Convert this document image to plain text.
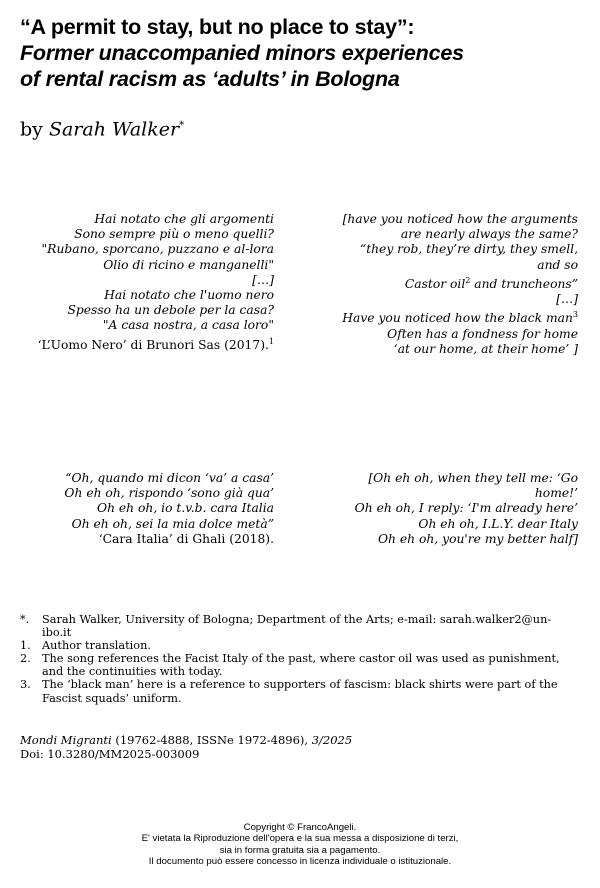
“A permit to stay, but no place to stay”:
Former unaccompanied minors experiences
of rental racism as ‘adults’ in Bologna
by Sarah Walker*
Hai notato che gli argomenti
Sono sempre più o meno quelli?
"Rubano, sporcano, puzzano e al-lora
Olio di ricino e manganelli"
[…]
Hai notato che l'uomo nero
Spesso ha un debole per la casa?
"A casa nostra, a casa loro"
‘L’Uomo Nero’ di Brunori Sas (2017).$^1$
[have you noticed how the arguments
are nearly always the same?
“they rob, they’re dirty, they smell,
and so
Castor oil$^2$ and truncheons”
[…]
Have you noticed how the black man$^3$
Often has a fondness for home
‘at our home, at their home’ ]
“Oh, quando mi dicon ‘va’ a casa’
Oh eh oh, rispondo ‘sono già qua’
Oh eh oh, io t.v.b. cara Italia
Oh eh oh, sei la mia dolce metà”
‘Cara Italia’ di Ghali (2018).
[Oh eh oh, when they tell me: ‘Go
home!’
Oh eh oh, I reply: ‘I'm already here’
Oh eh oh, I.L.Y. dear Italy
Oh eh oh, you're my better half]
*. Sarah Walker, University of Bologna; Department of the Arts; e-mail: sarah.walker2@un-ibo.it
1. Author translation.
2. The song references the Facist Italy of the past, where castor oil was used as punishment, and the continuities with today.
3. The ‘black man’ here is a reference to supporters of fascism: black shirts were part of the Fascist squads’ uniform.
Mondi Migranti (19762-4888, ISSNe 1972-4896), 3/2025
Doi: 10.3280/MM2025-003009
Copyright © FrancoAngeli.
E' vietata la Riproduzione dell'opera e la sua messa a disposizione di terzi,
sia in forma gratuita sia a pagamento.
Il documento può essere concesso in licenza individuale o istituzionale.
